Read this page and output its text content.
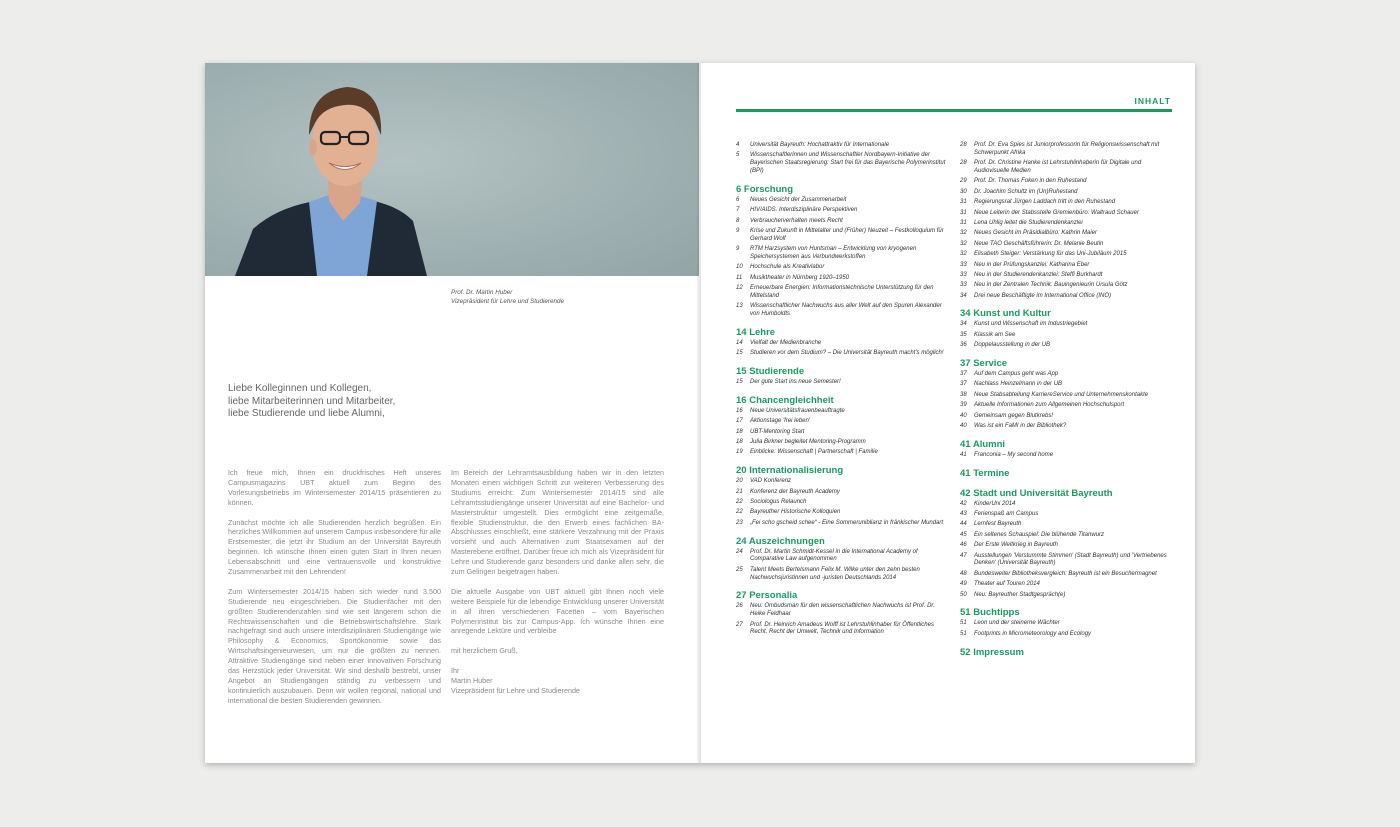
Prof. Dr. Martin Huber
Vizepräsident für Lehre und Studierende
Liebe Kolleginnen und Kollegen,
liebe Mitarbeiterinnen und Mitarbeiter,
liebe Studierende und liebe Alumni,

Ich freue mich, Ihnen ein druckfrisches Heft unseres Campusmagazins UBT aktuell zum Beginn des Vorlesungsbetriebs im Wintersemester 2014/15 präsentieren zu können.

Zunächst möchte ich alle Studierenden herzlich begrüßen. Ein herzliches Willkommen auf unserem Campus insbesondere für alle Erstsemester, die jetzt ihr Studium an der Universität Bayreuth beginnen. Ich wünsche Ihnen einen guten Start in Ihren neuen Lebensabschnitt und eine vertrauensvolle und konstruktive Zusammenarbeit mit den Lehrenden!

Zum Wintersemester 2014/15 haben sich wieder rund 3.500 Studierende neu eingeschrieben. Die Studienfächer mit den größten Studierendenzahlen sind wie seit längerem schon die Rechtswissenschaften und die Betriebswirtschaftslehre. Stark nachgefragt sind auch unsere interdisziplinären Studiengänge wie Philosophy & Economics, Sportökonomie sowie das Wirtschaftsingenieurwesen, um nur die größten zu nennen. Attraktive Studiengänge sind neben einer innovativen Forschung das Herzstück jeder Universität. Wir sind deshalb bestrebt, unser Angebot an Studiengängen ständig zu verbessern und kontinuierlich auszubauen. Denn wir wollen regional, national und international die besten Studierenden gewinnen.

Im Bereich der Lehramtsausbildung haben wir in den letzten Monaten einen wichtigen Schritt zur weiteren Verbesserung des Studiums erreicht: Zum Wintersemester 2014/15 sind alle Lehramtsstudiengänge unserer Universität auf eine Bachelor- und Masterstruktur umgestellt. Dies ermöglicht eine zeitgemäße, flexible Studienstruktur, die den Erwerb eines fachlichen BA-Abschlusses einschließt, eine stärkere Verzahnung mit der Praxis vorsieht und auch Alternativen zum Staatsexamen auf der Masterebene eröffnet. Darüber freue ich mich als Vizepräsident für Lehre und Studierende ganz besonders und danke allen sehr, die zum Gelingen beigetragen haben.

Die aktuelle Ausgabe von UBT aktuell gibt Ihnen noch viele weitere Beispiele für die lebendige Entwicklung unserer Universität in all ihren verschiedenen Facetten – vom Bayerischen Polymerinstitut bis zur Campus-App. Ich wünsche Ihnen eine anregende Lektüre und verbleibe

mit herzlichem Gruß,

Ihr

Martin Huber

Vizepräsident für Lehre und Studierende

INHALT
4	Universität Bayreuth: Hochattraktiv für Internationale
5	Wissenschaftlerinnen und Wissenschaftler Nordbayern-Initiative der Bayerischen Staatsregierung: Start frei für das Bayerische Polymerinstitut (BPI)
6 Forschung
6	Neues Gesicht der Zusammenarbeit
7	HIV/AIDS. Interdisziplinäre Perspektiven
8	Verbraucherverhalten meets Recht
9	Krise und Zukunft in Mittelalter und (Früher) Neuzeit – Festkolloquium für Gerhard Wolf
9	RTM Harzsystem von Huntsman – Entwicklung von kryogenen Speichersystemen aus Verbundwerkstoffen
10	Hochschule als Kreativlabor
11	Musiktheater in Nürnberg 1920–1950
12	Erneuerbare Energien: Informationstechnische Unterstützung für den Mittelstand
13	Wissenschaftlicher Nachwuchs aus aller Welt auf den Spuren Alexander von Humboldts
14 Lehre
14	Vielfalt der Medienbranche
15	Studieren vor dem Studium? – Die Universität Bayreuth macht's möglich!
15 Studierende
15	Der gute Start ins neue Semester!
16 Chancengleichheit
16	Neue Universitätsfrauenbeauftragte
17	Aktionstage 'frei leben'
18	UBT-Mentoring Start
18	Julia Birkner begleitet Mentoring-Programm
19	Einblicke: Wissenschaft | Partnerschaft | Familie
20 Internationalisierung
20	VAD Konferenz
21	Konferenz der Bayreuth Academy
22	Sociologus Relaunch
22	Bayreuther Historische Kolloquien
23	„Fei scho gscheid schee“ - Eine Sommeruniblianz in fränkischer Mundart
24 Auszeichnungen
24	Prof. Dr. Martin Schmidt-Kessel in die International Academy of Comparative Law aufgenommen
25	Talent Meets Bertelsmann Felix M. Wilke unter den zehn besten Nachwuchsjuristinnen und -juristen Deutschlands 2014
27 Personalia
26	Neu: Ombudsman für den wissenschaftlichen Nachwuchs ist Prof. Dr. Heike Feldhaar
27	Prof. Dr. Heinrich Amadeus Wolff ist Lehrstuhlinhaber für Öffentliches Recht, Recht der Umwelt, Technik und Information
28	Prof. Dr. Eva Spies ist Juniorprofessorin für Religionswissenschaft mit Schwerpunkt Afrika
28	Prof. Dr. Christine Hanke ist Lehrstuhlinhaberin für Digitale und Audiovisuelle Medien
29	Prof. Dr. Thomas Foken in den Ruhestand
30	Dr. Joachim Schultz im (Un)Ruhestand
31	Regierungsrat Jürgen Laddach tritt in den Ruhestand
31	Neue Leiterin der Stabsstelle Gremienbüro: Waltraud Schauer
31	Lena Uhlig leitet die Studierendenkanzlei
32	Neues Gesicht im Präsidialbüro: Kathrin Maier
32	Neue TAO Geschäftsführerin: Dr. Melanie Beutin
32	Elisabeth Steiger: Verstärkung für das Uni-Jubiläum 2015
33	Neu in der Prüfungskanzlei: Katharina Eber
33	Neu in der Studierendenkanzlei: Steffi Burkhardt
33	Neu in der Zentralen Technik: Bauingenieurin Ursula Götz
34	Drei neue Beschäftigte im International Office (INO)
34 Kunst und Kultur
34	Kunst und Wissenschaft im Industriegebiet
35	Klassik am See
36	Doppelausstellung in der UB
37 Service
37	Auf dem Campus geht was App
37	Nachlass Heinzelmann in der UB
38	Neue Stabsabteilung KarriereService und Unternehmenskontakte
39	Aktuelle Informationen zum Allgemeinen Hochschulsport
40	Gemeinsam gegen Blutkrebs!
40	Was ist ein FaMI in der Bibliothek?
41 Alumni
41	Franconia – My second home
41 Termine
42 Stadt und Universität Bayreuth
42	KinderUni 2014
43	Ferienspaß am Campus
44	Lernfest Bayreuth
45	Ein seltenes Schauspiel: Die blühende Titanwurz
46	Der Erste Weltkrieg in Bayreuth
47	Ausstellungen 'Verstummte Stimmen' (Stadt Bayreuth) und 'Vertriebenes Denken' (Universität Bayreuth)
48	Bundesweiter Bibliotheksvergleich: Bayreuth ist ein Besuchermagnet
49	Theater auf Touren 2014
50	Neu: Bayreuther Stadtgespräch(e)
51 Buchtipps
51	Leon und der steinerne Wächter
51	Footprints in Micrometeorology and Ecology
52 Impressum
